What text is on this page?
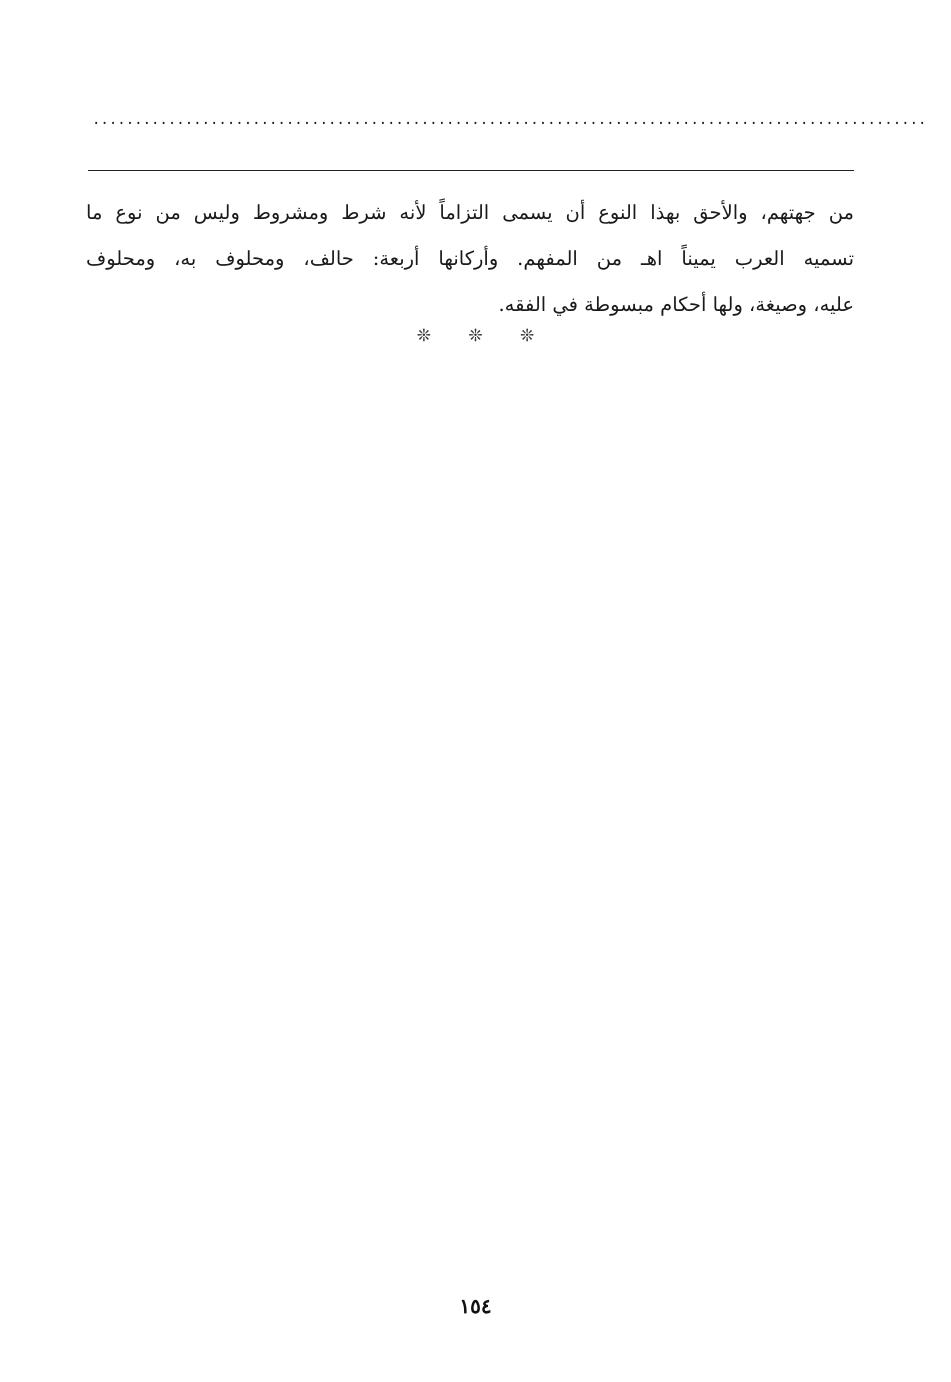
...................................................................................................
من جهتهم، والأحق بهذا النوع أن يسمى التزاماً لأنه شرط ومشروط وليس من نوع ما
تسميه العرب يميناً اهـ من المفهم. وأركانها أربعة: حالف، ومحلوف به، ومحلوف
عليه، وصيغة، ولها أحكام مبسوطة في الفقه.
❊ ❊ ❊
١٥٤
